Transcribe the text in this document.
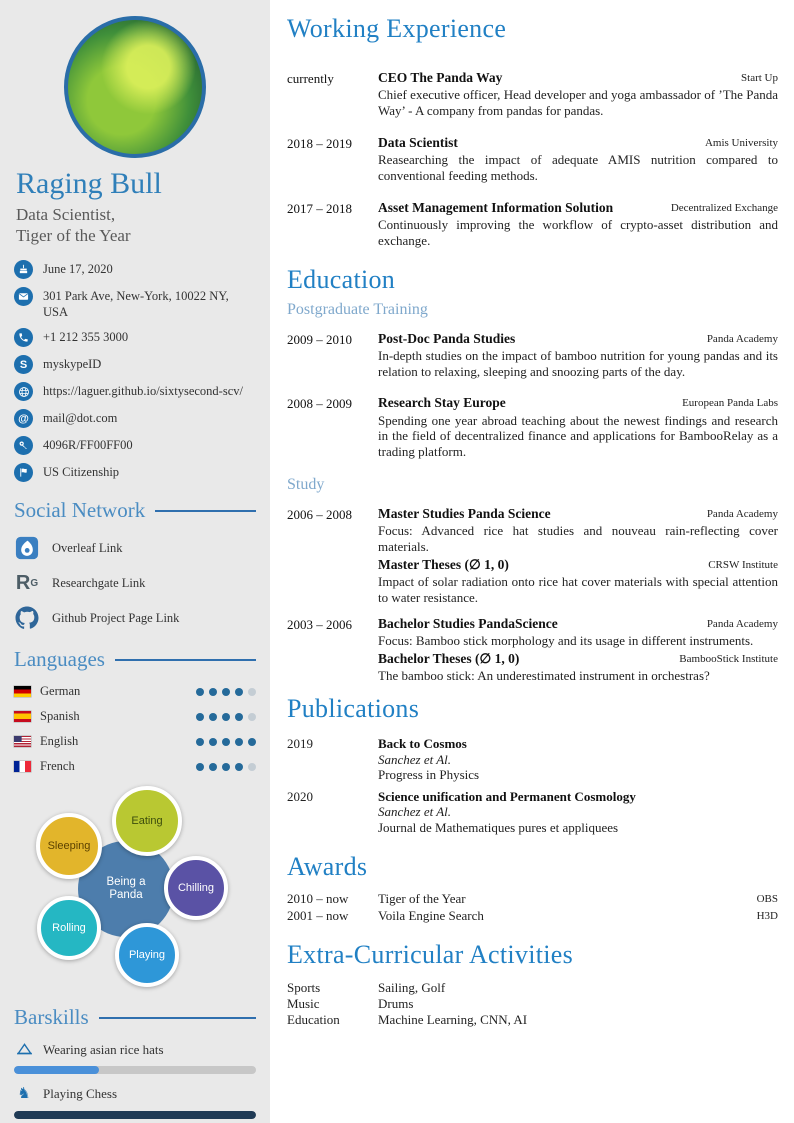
Raging Bull
Data Scientist,
Tiger of the Year
June 17, 2020
301 Park Ave, New-York, 10022 NY, USA
+1 212 355 3000
S	myskypeID
https://laguer.github.io/sixtysecond-scv/
@	mail@dot.com
4096R/FF00FF00
US Citizenship
Social Network
Overleaf Link
R G Researchgate Link
Github Project Page Link
Languages
German
Spanish
English
French
Being a Panda
Eating
Sleeping
Chilling
Rolling
Playing
Barskills
Wearing asian rice hats
♞ Playing Chess
Working Experience
currently	CEO The Panda Way	Start Up
Chief executive officer, Head developer and yoga ambassador of ’The Panda Way’ - A company from pandas for pandas.
2018 – 2019	Data Scientist	Amis University
Reasearching the impact of adequate AMIS nutrition compared to conventional feeding methods.
2017 – 2018	Asset Management Information Solution	Decentralized Exchange
Continuously improving the workflow of crypto-asset distribution and exchange.
Education
Postgraduate Training
2009 – 2010	Post-Doc Panda Studies	Panda Academy
In-depth studies on the impact of bamboo nutrition for young pandas and its relation to relaxing, sleeping and snoozing parts of the day.
2008 – 2009	Research Stay Europe	European Panda Labs
Spending one year abroad teaching about the newest findings and research in the field of decentralized finance and applications for BambooRelay as a trading platform.
Study
2006 – 2008	Master Studies Panda Science	Panda Academy
Focus: Advanced rice hat studies and nouveau rain-reflecting cover materials.
Master Theses (∅ 1, 0)	CRSW Institute
Impact of solar radiation onto rice hat cover materials with special attention to water resistance.
2003 – 2006	Bachelor Studies PandaScience	Panda Academy
Focus: Bamboo stick morphology and its usage in different instruments.
Bachelor Theses (∅ 1, 0)	BambooStick Institute
The bamboo stick: An underestimated instrument in orchestras?
Publications
2019	Back to Cosmos
Sanchez et Al.
Progress in Physics
2020	Science unification and Permanent Cosmology
Sanchez et Al.
Journal de Mathematiques pures et appliquees
Awards
2010 – now	Tiger of the Year	OBS
2001 – now	Voila Engine Search	H3D
Extra-Curricular Activities
Sports	Sailing, Golf
Music	Drums
Education	Machine Learning, CNN, AI
